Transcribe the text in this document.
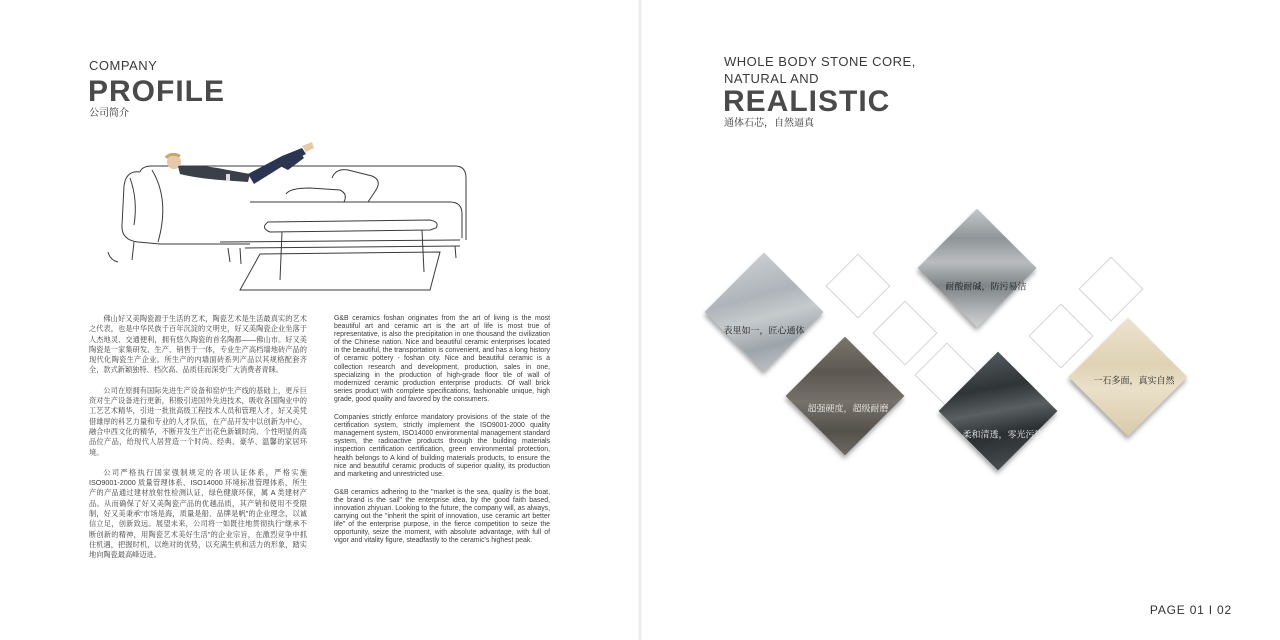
COMPANY
PROFILE
公司简介

佛山好又美陶瓷源于生活的艺术，陶瓷艺术是生活最真实的艺术之代表，也是中华民族千百年沉淀的文明史，好又美陶瓷企业坐落于人杰地灵、交通便利，拥有悠久陶瓷的首名陶都——佛山市。好又美陶瓷是一家集研发、生产、销售于一体，专业生产高档墙地砖产品的现代化陶瓷生产企业。所生产的内墙面砖系列产品以其规格配套齐全，款式新颖独特、档次高、品质佳而深受广大消费者青睐。

公司在原拥有国际先进生产设备和窑炉生产线的基础上，更斥巨资对生产设备进行更新，积极引进国外先进技术，吸收各国陶业中的工艺艺术精华，引进一批批高级工程技术人员和管理人才，好又美凭借雄厚的科艺力量和专业的人才队伍，在产品开发中以创新为中心，融合中西文化的精华，不断开发生产出花色新颖时尚、个性明显的高品位产品，给现代人居营造一个时尚、经典、豪华、温馨的家居环境。

公司严格执行国家强制规定的各项认证体系，严格实施 ISO9001-2000 质量管理体系、ISO14000 环境标准管理体系，所生产的产品通过建材放射性检测认证，绿色健康环保，属 A 类建材产品。从而确保了好又美陶瓷产品的优越品质，其产销和使用不受限制，好又美秉承“市场是海，质量是船、品牌是帆”的企业理念，以诚信立足，创新致远。展望未来，公司将一如既往地贯彻执行“继承不断创新的精神，用陶瓷艺术美好生活”的企业宗旨，在激烈竞争中抓住机遇，把握时机，以绝对的优势，以充满生机和活力的形象，踏实地向陶瓷最高峰迈进。

G&B ceramics foshan originates from the art of living is the most beautiful art and ceramic art is the art of life is most true of representative, is also the precipitation in one thousand the civilization of the Chinese nation. Nice and beautiful ceramic enterprises located in the beautiful, the transportation is convenient, and has a long history of ceramic pottery - foshan city. Nice and beautiful ceramic is a collection research and development, production, sales in one, specializing in the production of high-grade floor tile of wall of modernized ceramic production enterprise products. Of wall brick series product with complete specifications, fashionable unique, high grade, good quality and favored by the consumers.

Companies strictly enforce mandatory provisions of the state of the certification system, strictly implement the ISO9001-2000 quality management system, ISO14000 environmental management standard system, the radioactive products through the building materials inspection certification certification, green environmental protection, health belongs to A kind of building materials products, to ensure the nice and beautiful ceramic products of superior quality, its production and marketing and unrestricted use.

G&B ceramics adhering to the "market is the sea, quality is the boat, the brand is the sail" the enterprise idea, by the good faith based, innovation zhiyuan. Looking to the future, the company will, as always, carrying out the "inherit the spirit of innovation, use ceramic art better life" of the enterprise purpose, in the fierce competition to seize the opportunity, seize the moment, with absolute advantage, with full of vigor and vitality figure, steadfastly to the ceramic's highest peak.

WHOLE BODY STONE CORE,
NATURAL AND
REALISTIC
通体石芯，自然逼真
表里如一，匠心通体
耐酸耐碱，防污易洁
超强硬度，超级耐磨
柔和清透，零光污染
一石多面，真实自然
PAGE 01 I 02
